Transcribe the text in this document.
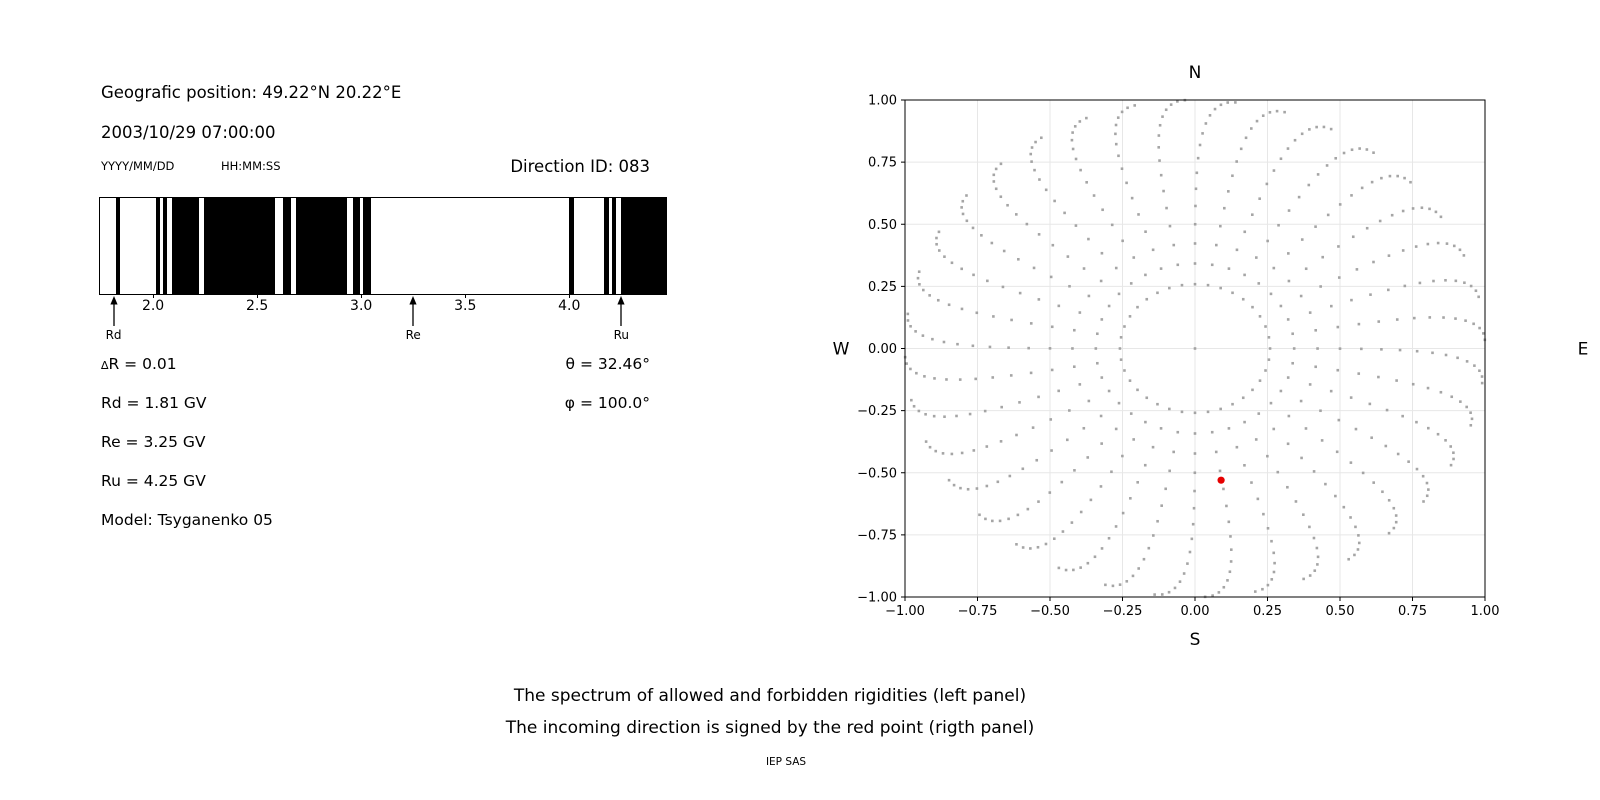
Geografic position: 49.22°N 20.22°E
2003/10/29 07:00:00
YYYY/MM/DD	HH:MM:SS	Direction ID: 083
2.0	2.5	3.0	3.5	4.0
Rd	Re	Ru
∆R = 0.01	θ = 32.46°
Rd = 1.81 GV	φ = 100.0°
Re = 3.25 GV
Ru = 4.25 GV
Model: Tsyganenko 05
−1.00
1.00
−0.75
0.75
−0.50
0.50
−0.25
0.25
0.00
0.00
0.25
−0.25
0.50
−0.50
0.75
−0.75
1.00
−1.00
N
S
W	E
The spectrum of allowed and forbidden rigidities (left panel)
The incoming direction is signed by the red point (rigth panel)
IEP SAS
